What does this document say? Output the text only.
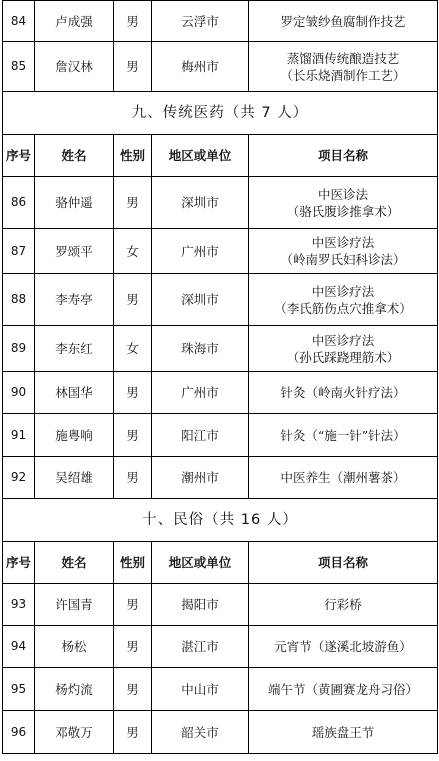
84	卢成强	男	云浮市	罗定皱纱鱼腐制作技艺

85	詹汉林	男	梅州市	蒸馏酒传统酿造技艺
（长乐烧酒制作工艺）

九、传统医药（共 7 人）				
序号	姓名	性别	地区或单位	项目名称
86	骆仲遥	男	深圳市	中医诊法
（骆氏腹诊推拿术）

87	罗颂平	女	广州市	中医诊疗法
（岭南罗氏妇科诊法）

88	李寿亭	男	深圳市	中医诊疗法
（李氏筋伤点穴推拿术）

89	李东红	女	珠海市	中医诊疗法
（孙氏踩跷理筋术）

90	林国华	男	广州市	针灸（岭南火针疗法）

91	施粤响	男	阳江市	针灸（“施一针”针法）

92	吴绍雄	男	潮州市	中医养生（潮州薯茶）

十、民俗（共 16 人）				
序号	姓名	性别	地区或单位	项目名称
93	许国青	男	揭阳市	行彩桥

94	杨松	男	湛江市	元宵节（遂溪北坡游鱼）

95	杨灼流	男	中山市	端午节（黄圃赛龙舟习俗）

96	邓敬万	男	韶关市	瑶族盘王节
